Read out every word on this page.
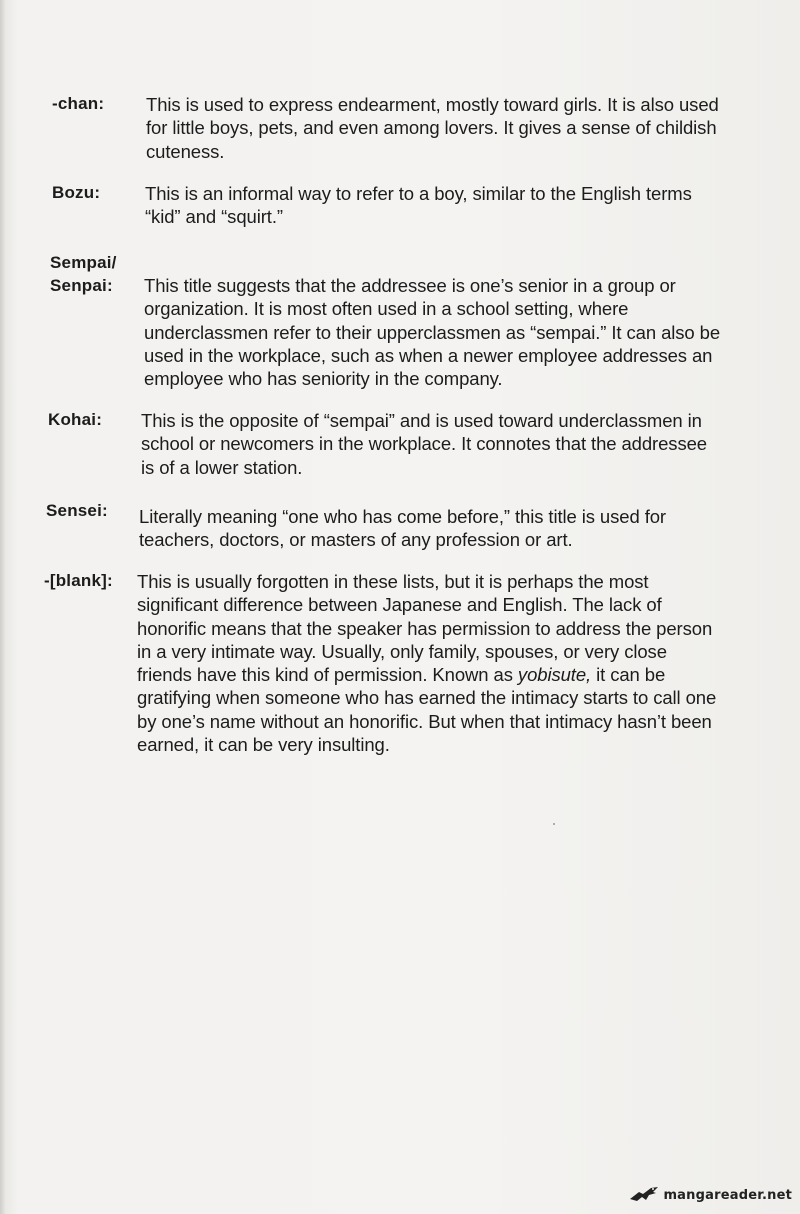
-chan: This is used to express endearment, mostly toward girls. It is also used for little boys, pets, and even among lovers. It gives a sense of childish cuteness.
Bozu: This is an informal way to refer to a boy, similar to the English terms “kid” and “squirt.”
Sempai/
Senpai: This title suggests that the addressee is one’s senior in a group or organization. It is most often used in a school setting, where underclassmen refer to their upperclassmen as “sempai.” It can also be used in the workplace, such as when a newer employee addresses an employee who has seniority in the company.
Kohai: This is the opposite of “sempai” and is used toward underclassmen in school or newcomers in the workplace. It connotes that the addressee is of a lower station.
Sensei: Literally meaning “one who has come before,” this title is used for teachers, doctors, or masters of any profession or art.
-[blank]: This is usually forgotten in these lists, but it is perhaps the most significant difference between Japanese and English. The lack of honorific means that the speaker has permission to address the person in a very intimate way. Usually, only family, spouses, or very close friends have this kind of permission. Known as yobisute, it can be gratifying when someone who has earned the intimacy starts to call one by one’s name without an honorific. But when that intimacy hasn’t been earned, it can be very insulting.
mangareader.net
